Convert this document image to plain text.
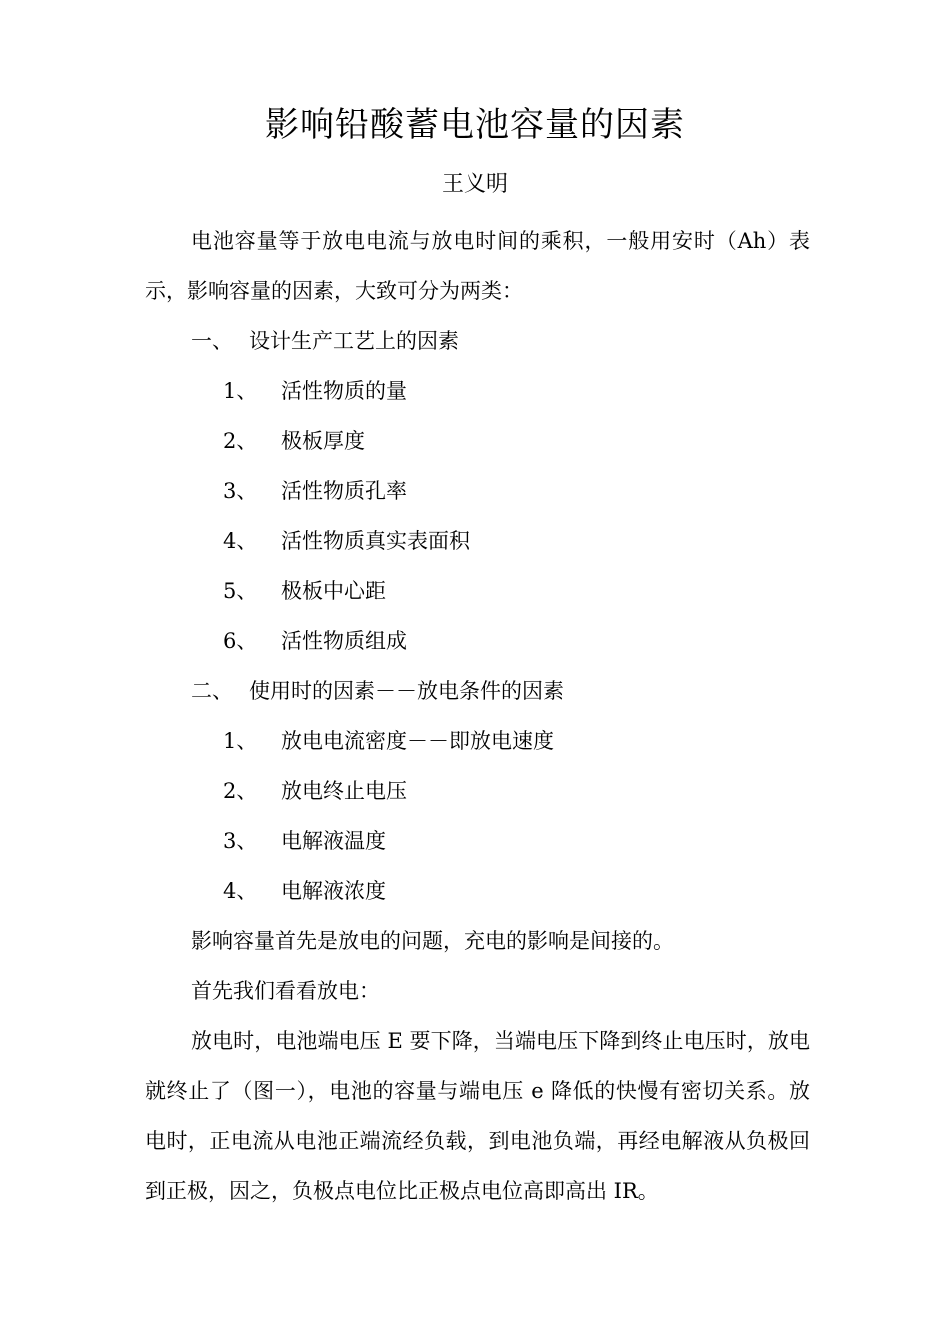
影响铅酸蓄电池容量的因素
王义明

电池容量等于放电电流与放电时间的乘积，一般用安时（Ah）表示，影响容量的因素，大致可分为两类：

一、 设计生产工艺上的因素
1、 活性物质的量
2、 极板厚度
3、 活性物质孔率
4、 活性物质真实表面积
5、 极板中心距
6、 活性物质组成
二、 使用时的因素－－放电条件的因素
1、 放电电流密度－－即放电速度
2、 放电终止电压
3、 电解液温度
4、 电解液浓度

影响容量首先是放电的问题，充电的影响是间接的。

首先我们看看放电：

放电时，电池端电压 E 要下降，当端电压下降到终止电压时，放电就终止了（图一），电池的容量与端电压 e 降低的快慢有密切关系。放电时，正电流从电池正端流经负载，到电池负端，再经电解液从负极回到正极，因之，负极点电位比正极点电位高即高出 IR。
